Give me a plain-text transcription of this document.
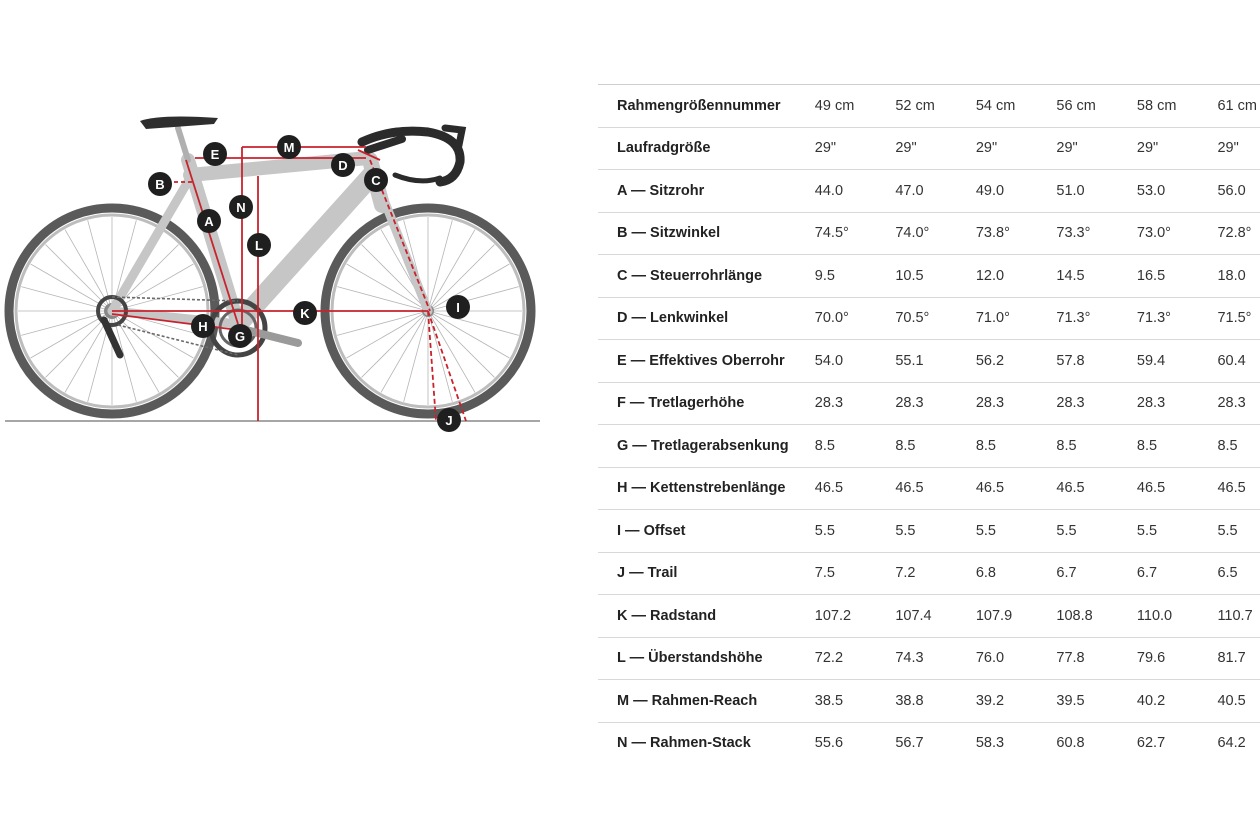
A
B	C
D
E
G
H
I
J
K
L
M
N
Rahmengrößennummer	49 cm	52 cm	54 cm	56 cm	58 cm	61 cm
Laufradgröße	29"	29"	29"	29"	29"	29"
A — Sitzrohr	44.0	47.0	49.0	51.0	53.0	56.0
B — Sitzwinkel	74.5°	74.0°	73.8°	73.3°	73.0°	72.8°
C — Steuerrohrlänge	9.5	10.5	12.0	14.5	16.5	18.0
D — Lenkwinkel	70.0°	70.5°	71.0°	71.3°	71.3°	71.5°
E — Effektives Oberrohr	54.0	55.1	56.2	57.8	59.4	60.4
F — Tretlagerhöhe	28.3	28.3	28.3	28.3	28.3	28.3
G — Tretlagerabsenkung	8.5	8.5	8.5	8.5	8.5	8.5
H — Kettenstrebenlänge	46.5	46.5	46.5	46.5	46.5	46.5
I — Offset	5.5	5.5	5.5	5.5	5.5	5.5
J — Trail	7.5	7.2	6.8	6.7	6.7	6.5
K — Radstand	107.2	107.4	107.9	108.8	110.0	110.7
L — Überstandshöhe	72.2	74.3	76.0	77.8	79.6	81.7
M — Rahmen-Reach	38.5	38.8	39.2	39.5	40.2	40.5
N — Rahmen-Stack	55.6	56.7	58.3	60.8	62.7	64.2
